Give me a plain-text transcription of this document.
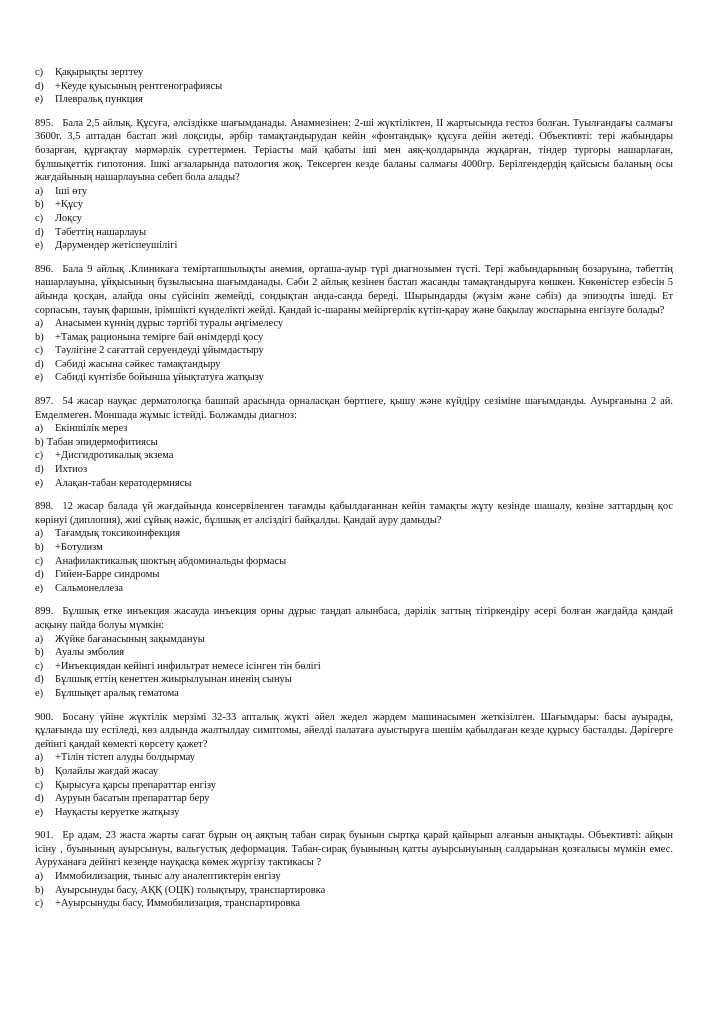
c)	Қақырықты зерттеу
d)	+Кеуде қуысының рентгенографиясы
e)	Плевральқ пункция
895. Бала 2,5 айлық. Құсуға, әлсіздікке шағымданады. Анамнезінен: 2-ші жүктіліктен, ІІ жартысында гестоз болған. Туылғандағы салмағы 3600г. 3,5 аптадан бастап жиі лоқсиды, әрбір тамақтандырудан кейін «фонтандық» құсуға дейін жетеді. Объективті: тері жабындары бозарған, құрғақтау мәрмәрлік суреттермен. Терiасты май қабаты іші мен аяқ-қолдарында жұқарған, тіндер тургоры нашарлаған, бұлшықеттік гипотония. Ішкі ағзаларында патология жоқ. Тексерген кезде баланы салмағы 4000гр. Берілгендердің қайсысы баланың осы жағдайының нашарлауына себеп бола алады?
a)	Іші өту
b)	+Құсу
c)	Лоқсу
d)	Тәбеттің нашарлауы
e)	Дәрумендер жетіспеушілігі
896. Бала 9 айлық .Клиникаға темiртапшылықты анемия, орташа-ауыр түрі диагнозымен түсті. Тері жабындарының бозаруына, тәбеттің нашарлауына, ұйқысының бұзылысына шағымданады. Сәби 2 айлық кезінен бастап жасанды тамақтандыруға көшкен. Көкөністер езбесін 5 айында қосқан, алайда оны сүйсініп жемейді, сондықтан анда-санда береді. Шырындарды (жүзім және сәбіз) да эпизодты ішеді. Ет сорпасын, тауық фаршын, ірімшікті күнделікті жейді. Қандай іс-шараны мейіргерлік күтіп-қарау және бақылау жоспарына енгізуге болады?
a)	Анасымен күннің дұрыс тәртібі туралы әңгімелесу
b)	+Тамақ рационына темірге бай өнімдерді қосу
c)	Тәулігіне 2 сағаттай серуендеуді ұйымдастыру
d)	Сәбиді жасына сәйкес тамақтандыру
e)	Сәбиді күнтізбе бойынша ұйықтатуға жатқызу
897. 54 жасар науқас дерматологқа башпай арасында орналасқан бөртпеге, қышу және күйдіру сезіміне шағымданды. Ауырғанына 2 ай. Емделмеген. Моншада жұмыс істейді. Болжамды диагноз:
a)	Екіншілік мерез
b) Табан эпидермофитиясы
c)	+Дисгидротикалық экзема
d)	Ихтиоз
e)	Алақан-табан кератодермиясы
898. 12 жасар балада үй жағдайында консервіленген тағамды қабылдағаннан кейін тамақты жұту кезінде шашалу, көзіне заттардың қос көрінуі (диплопия), жиі сұйық нәжіс, бұлшық ет әлсіздігі байқалды. Қандай ауру дамыды?
a)	Тағамдық токсикоинфекция
b)	+Ботулизм
c)	Анафилактикалық шоктың абдоминальды формасы
d)	Гийен-Барре синдромы
e)	Сальмонеллеза
899. Бұлшық етке инъекция жасауда инъекция орны дұрыс таңдап алынбаса, дәрілік заттың тітіркендіру әсері болған жағдайда қандай асқыну пайда болуы мүмкін:
a)	Жүйке бағанасының зақымдануы
b)	Ауалы эмболия
c)	+Инъекциядан кейінгі инфильтрат немесе ісінген тін бөлігі
d)	Бұлшық еттің кенеттен жиырылуынан иненің сынуы
e)	Бұлшықет аралық гематома
900. Босану үйіне жүктілік мерзімі 32-33 апталық жүкті әйел жедел жәрдем машинасымен жеткізілген. Шағымдары: басы ауырады, құлағында шу естіледі, көз алдында жалтылдау симптомы, әйелді палатаға ауыстыруға шешім қабылдаған кезде құрысу басталды. Дәрігерге дейінгі қандай көмекті көрсету қажет?
a)	+Тілін тістеп алуды болдырмау
b)	Қолайлы жағдай жасау
c)	Қырысуға қарсы препараттар енгізу
d)	Ауруын басатын препараттар беру
e)	Науқасты керуетке жатқызу
901. Ер адам, 23 жаста жарты сағат бұрын оң аяқтың табан сирақ буынын сыртқа қарай қайырып алғанын анықтады. Объективті: айқын ісіну , буынының ауырсынуы, вальгустық деформация. Табан-сирақ буынының қатты ауырсынуының салдарынан қозғалысы мүмкін емес. Ауруханаға дейінгі кезеңде науқасқа көмек жүргізу тактикасы ?
a)	Иммобилизация, тыныс алу аналептиктерін енгізу
b)	Ауырсынуды басу, АҚҚ (ОЦК) толықтыру, транспартировка
c)	+Ауырсынуды басу, Иммобилизация, транспартировка
